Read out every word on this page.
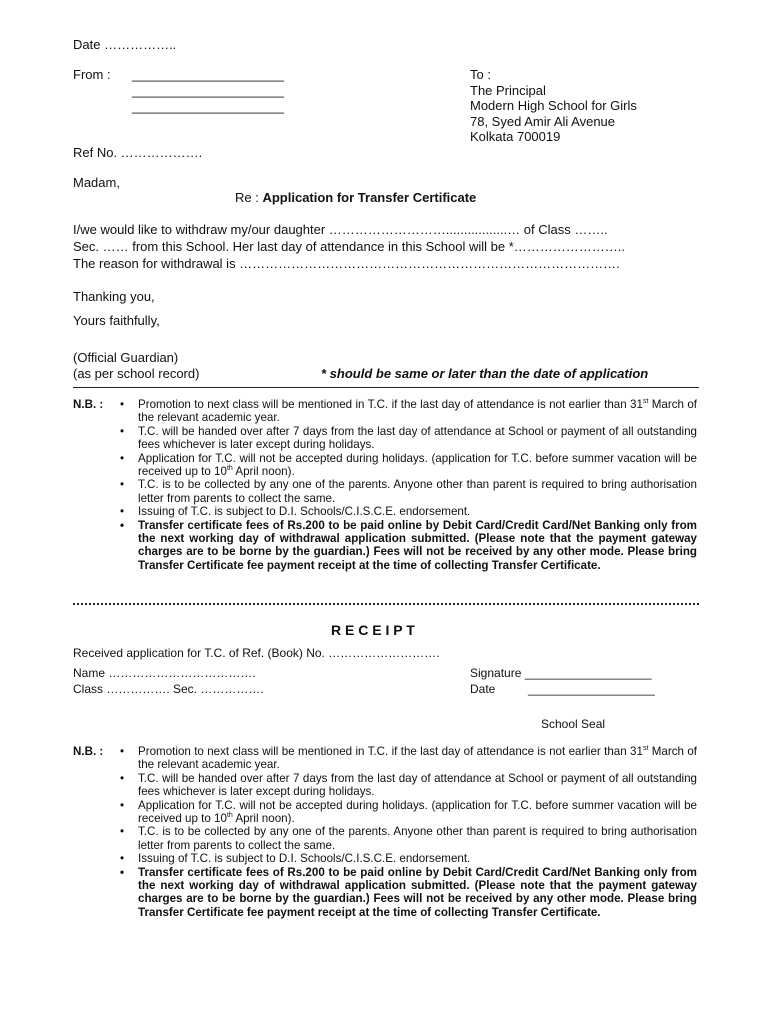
Date ……………..
From : _____________________
_____________________
_____________________
To :
The Principal
Modern High School for Girls
78, Syed Amir Ali Avenue
Kolkata 700019
Ref No. ……………….
Madam,
Re : Application for Transfer Certificate
I/we would like to withdraw my/our daughter ……………………….................… of Class ……..
Sec. …… from this School. Her last day of attendance in this School will be *……………………..
The reason for withdrawal is …………………………………………………………………………….
Thanking you,
Yours faithfully,
(Official Guardian)
(as per school record)	* should be same or later than the date of application
N.B. :	• Promotion to next class will be mentioned in T.C. if the last day of attendance is not earlier than 31st March of the relevant academic year.
• T.C. will be handed over after 7 days from the last day of attendance at School or payment of all outstanding fees whichever is later except during holidays.
• Application for T.C. will not be accepted during holidays. (application for T.C. before summer vacation will be received up to 10th April noon).
• T.C. is to be collected by any one of the parents. Anyone other than parent is required to bring authorisation letter from parents to collect the same.
• Issuing of T.C. is subject to D.I. Schools/C.I.S.C.E. endorsement.
• Transfer certificate fees of Rs.200 to be paid online by Debit Card/Credit Card/Net Banking only from the next working day of withdrawal application submitted. (Please note that the payment gateway charges are to be borne by the guardian.) Fees will not be received by any other mode. Please bring Transfer Certificate fee payment receipt at the time of collecting Transfer Certificate.
R E C E I P T
Received application for T.C. of Ref. (Book) No. ……………………….
Name ……………………………….
Class ……………. Sec. …………….
Signature ___________________
Date	___________________
School Seal
N.B. :	• Promotion to next class will be mentioned in T.C. if the last day of attendance is not earlier than 31st March of the relevant academic year.
• T.C. will be handed over after 7 days from the last day of attendance at School or payment of all outstanding fees whichever is later except during holidays.
• Application for T.C. will not be accepted during holidays. (application for T.C. before summer vacation will be received up to 10th April noon).
• T.C. is to be collected by any one of the parents. Anyone other than parent is required to bring authorisation letter from parents to collect the same.
• Issuing of T.C. is subject to D.I. Schools/C.I.S.C.E. endorsement.
• Transfer certificate fees of Rs.200 to be paid online by Debit Card/Credit Card/Net Banking only from the next working day of withdrawal application submitted. (Please note that the payment gateway charges are to be borne by the guardian.) Fees will not be received by any other mode. Please bring Transfer Certificate fee payment receipt at the time of collecting Transfer Certificate.
